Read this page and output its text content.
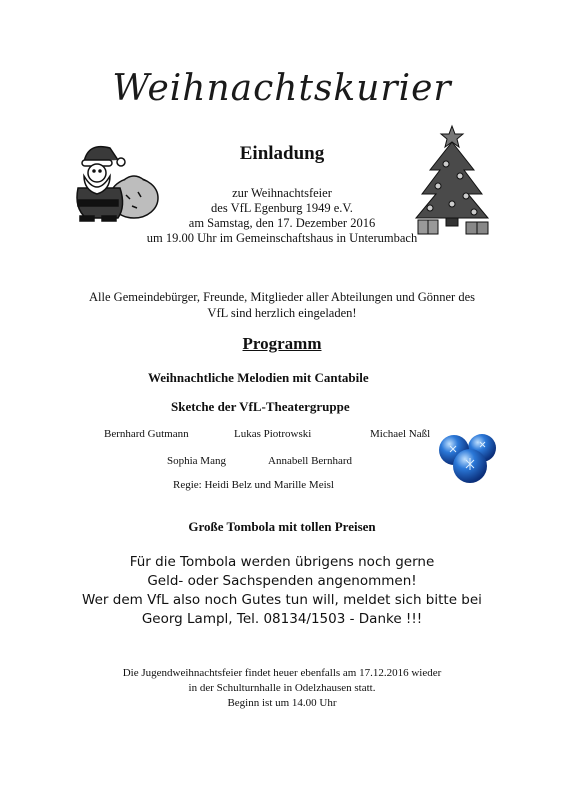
Weihnachtskurier
Einladung
zur Weihnachtsfeier
des VfL Egenburg 1949 e.V.
am Samstag, den 17. Dezember 2016
um 19.00 Uhr im Gemeinschaftshaus in Unterumbach
Alle Gemeindebürger, Freunde, Mitglieder aller Abteilungen und Gönner des
VfL sind herzlich eingeladen!
Programm
Weihnachtliche Melodien mit Cantabile
Sketche der VfL-Theatergruppe
Bernhard Gutmann	Lukas Piotrowski	Michael Naßl
Sophia Mang	Annabell Bernhard
Regie: Heidi Belz und Marille Meisl
Große Tombola mit tollen Preisen
Für die Tombola werden übrigens noch gerne
Geld- oder Sachspenden angenommen!
Wer dem VfL also noch Gutes tun will, meldet sich bitte bei
Georg Lampl, Tel. 08134/1503 - Danke !!!
Die Jugendweihnachtsfeier findet heuer ebenfalls am 17.12.2016 wieder
in der Schulturnhalle in Odelzhausen statt.
Beginn ist um 14.00 Uhr
